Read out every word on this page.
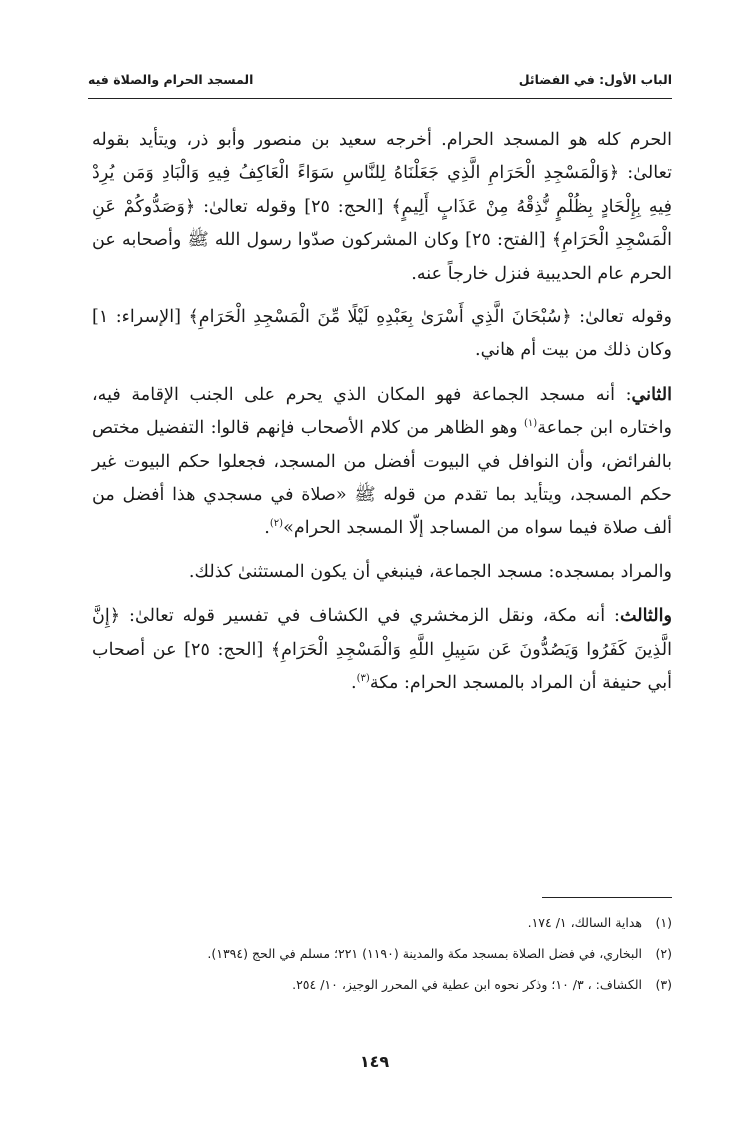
الباب الأول: في الفضائل
المسجد الحرام والصلاة فيه

الحرم كله هو المسجد الحرام. أخرجه سعيد بن منصور وأبو ذر، ويتأيد بقوله تعالىٰ: ﴿وَالْمَسْجِدِ الْحَرَامِ الَّذِي جَعَلْنَاهُ لِلنَّاسِ سَوَاءً الْعَاكِفُ فِيهِ وَالْبَادِ وَمَن يُرِدْ فِيهِ بِإِلْحَادٍ بِظُلْمٍ نُّذِقْهُ مِنْ عَذَابٍ أَلِيمٍ﴾ [الحج: ٢٥] وقوله تعالىٰ: ﴿وَصَدُّوكُمْ عَنِ الْمَسْجِدِ الْحَرَامِ﴾ [الفتح: ٢٥] وكان المشركون صدّوا رسول الله ﷺ وأصحابه عن الحرم عام الحديبية فنزل خارجاً عنه.

وقوله تعالىٰ: ﴿سُبْحَانَ الَّذِي أَسْرَىٰ بِعَبْدِهِ لَيْلًا مِّنَ الْمَسْجِدِ الْحَرَامِ﴾ [الإسراء: ١] وكان ذلك من بيت أم هاني.

الثاني: أنه مسجد الجماعة فهو المكان الذي يحرم على الجنب الإقامة فيه، واختاره ابن جماعة$^{(١)}$ وهو الظاهر من كلام الأصحاب فإنهم قالوا: التفضيل مختص بالفرائض، وأن النوافل في البيوت أفضل من المسجد، فجعلوا حكم البيوت غير حكم المسجد، ويتأيد بما تقدم من قوله ﷺ «صلاة في مسجدي هذا أفضل من ألف صلاة فيما سواه من المساجد إلّا المسجد الحرام»$^{(٢)}$.

والمراد بمسجده: مسجد الجماعة، فينبغي أن يكون المستثنىٰ كذلك.

والثالث: أنه مكة، ونقل الزمخشري في الكشاف في تفسير قوله تعالىٰ: ﴿إِنَّ الَّذِينَ كَفَرُوا وَيَصُدُّونَ عَن سَبِيلِ اللَّهِ وَالْمَسْجِدِ الْحَرَامِ﴾ [الحج: ٢٥] عن أصحاب أبي حنيفة أن المراد بالمسجد الحرام: مكة$^{(٣)}$.

(١)
هداية السالك، ١/ ١٧٤.
(٢)
البخاري، في فضل الصلاة بمسجد مكة والمدينة (١١٩٠) ٢٢١؛ مسلم في الحج (١٣٩٤).
(٣)
الكشاف: ، ٣/ ١٠؛ وذكر نحوه ابن عطية في المحرر الوجيز، ١٠/ ٢٥٤.
١٤٩
